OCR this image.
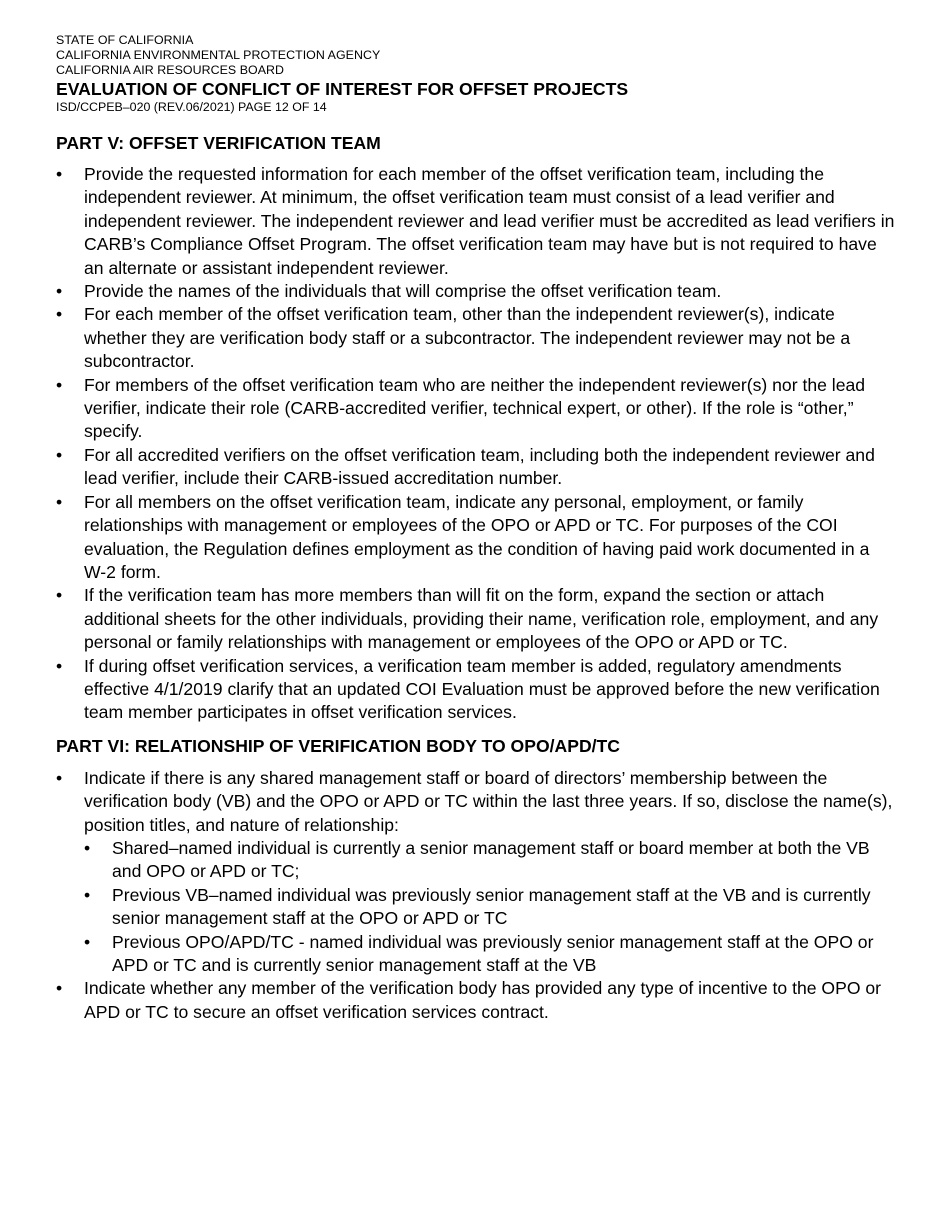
STATE OF CALIFORNIA
CALIFORNIA ENVIRONMENTAL PROTECTION AGENCY
CALIFORNIA AIR RESOURCES BOARD
EVALUATION OF CONFLICT OF INTEREST FOR OFFSET PROJECTS
ISD/CCPEB–020 (REV.06/2021) PAGE 12 OF 14
PART V: OFFSET VERIFICATION TEAM
• Provide the requested information for each member of the offset verification team, including the independent reviewer. At minimum, the offset verification team must consist of a lead verifier and independent reviewer. The independent reviewer and lead verifier must be accredited as lead verifiers in CARB’s Compliance Offset Program. The offset verification team may have but is not required to have an alternate or assistant independent reviewer.
• Provide the names of the individuals that will comprise the offset verification team.
• For each member of the offset verification team, other than the independent reviewer(s), indicate whether they are verification body staff or a subcontractor. The independent reviewer may not be a subcontractor.
• For members of the offset verification team who are neither the independent reviewer(s) nor the lead verifier, indicate their role (CARB-accredited verifier, technical expert, or other). If the role is “other,” specify.
• For all accredited verifiers on the offset verification team, including both the independent reviewer and lead verifier, include their CARB-issued accreditation number.
• For all members on the offset verification team, indicate any personal, employment, or family relationships with management or employees of the OPO or APD or TC. For purposes of the COI evaluation, the Regulation defines employment as the condition of having paid work documented in a W-2 form.
• If the verification team has more members than will fit on the form, expand the section or attach additional sheets for the other individuals, providing their name, verification role, employment, and any personal or family relationships with management or employees of the OPO or APD or TC.
• If during offset verification services, a verification team member is added, regulatory amendments effective 4/1/2019 clarify that an updated COI Evaluation must be approved before the new verification team member participates in offset verification services.
PART VI: RELATIONSHIP OF VERIFICATION BODY TO OPO/APD/TC
• Indicate if there is any shared management staff or board of directors’ membership between the verification body (VB) and the OPO or APD or TC within the last three years. If so, disclose the name(s), position titles, and nature of relationship:
• Shared–named individual is currently a senior management staff or board member at both the VB and OPO or APD or TC;
• Previous VB–named individual was previously senior management staff at the VB and is currently senior management staff at the OPO or APD or TC
• Previous OPO/APD/TC - named individual was previously senior management staff at the OPO or APD or TC and is currently senior management staff at the VB
• Indicate whether any member of the verification body has provided any type of incentive to the OPO or APD or TC to secure an offset verification services contract.
